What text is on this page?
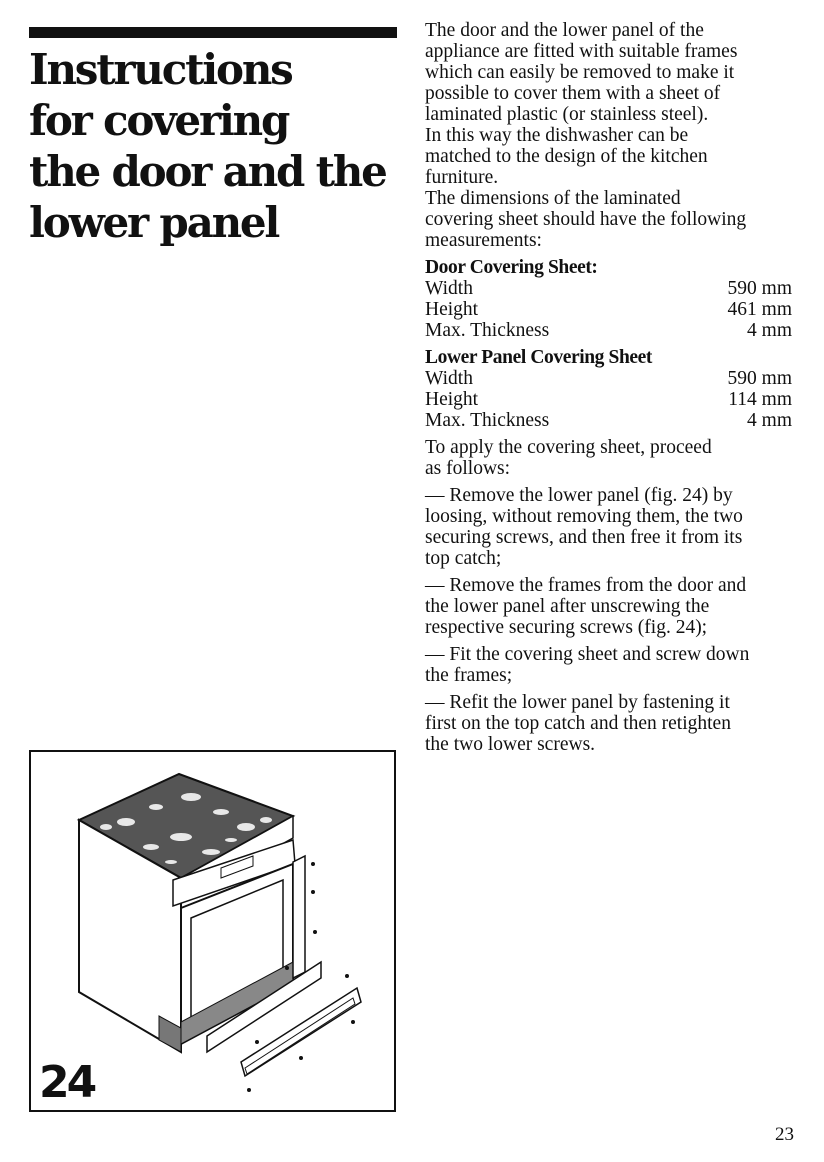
Instructions
for covering
the door and the
lower panel
24

The door and the lower panel of the
appliance are fitted with suitable frames
which can easily be removed to make it
possible to cover them with a sheet of
laminated plastic (or stainless steel).
In this way the dishwasher can be
matched to the design of the kitchen
furniture.
The dimensions of the laminated
covering sheet should have the following
measurements:

Door Covering Sheet:

Width	590 mm
Height	461 mm
Max. Thickness	4 mm

Lower Panel Covering Sheet

Width	590 mm
Height	114 mm
Max. Thickness	4 mm

To apply the covering sheet, proceed
as follows:

— Remove the lower panel (fig. 24) by
loosing, without removing them, the two
securing screws, and then free it from its
top catch;

— Remove the frames from the door and
the lower panel after unscrewing the
respective securing screws (fig. 24);

— Fit the covering sheet and screw down
the frames;

— Refit the lower panel by fastening it
first on the top catch and then retighten
the two lower screws.

23
